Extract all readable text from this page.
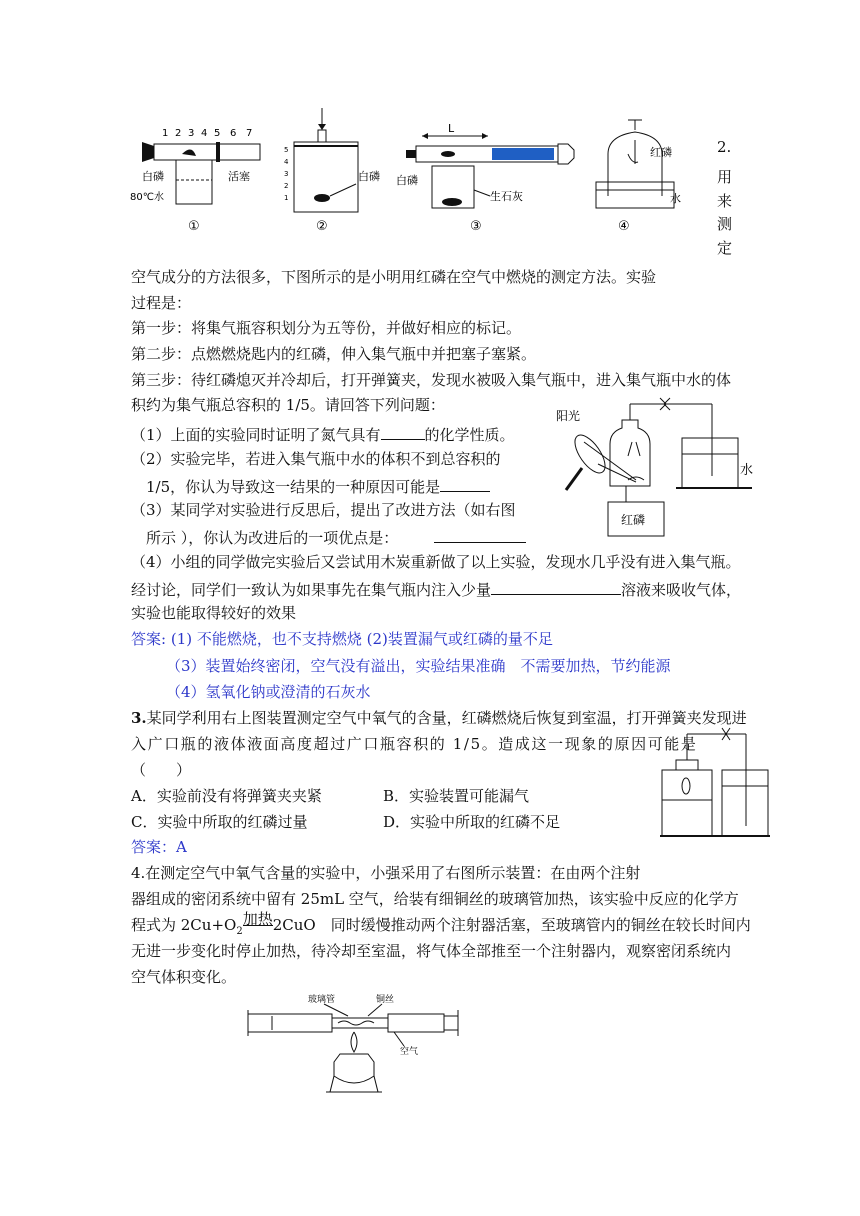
1 2 3 4 5 6 7
白磷
80℃水
活塞
①
5
4
3
2
1
白磷
②
L
白磷
生石灰
③
红磷
水
④
2.
用
来
测
定
空气成分的方法很多，下图所示的是小明用红磷在空气中燃烧的测定方法。实验
过程是：
第一步：将集气瓶容积划分为五等份，并做好相应的标记。
第二步：点燃燃烧匙内的红磷，伸入集气瓶中并把塞子塞紧。
第三步：待红磷熄灭并冷却后，打开弹簧夹，发现水被吸入集气瓶中，进入集气瓶中水的体
积约为集气瓶总容积的 1/5。请回答下列问题：
（1）上面的实验同时证明了氮气具有	的化学性质。
（2）实验完毕，若进入集气瓶中水的体积不到总容积的
1/5，你认为导致这一结果的一种原因可能是
（3）某同学对实验进行反思后，提出了改进方法（如右图
所示 ），你认为改进后的一项优点是：
（4）小组的同学做完实验后又尝试用木炭重新做了以上实验，发现水几乎没有进入集气瓶。
经讨论，同学们一致认为如果事先在集气瓶内注入少量	溶液来吸收气体，
实验也能取得较好的效果
阳光
水
红磷
答案: (1) 不能燃烧，也不支持燃烧 (2)装置漏气或红磷的量不足
（3）装置始终密闭，空气没有溢出，实验结果准确　不需要加热，节约能源
（4）氢氧化钠或澄清的石灰水
3.某同学利用右上图装置测定空气中氧气的含量，红磷燃烧后恢复到室温，打开弹簧夹发现进
入广口瓶的液体液面高度超过广口瓶容积的 1/5。造成这一现象的原因可能是
（　　）
A．实验前没有将弹簧夹夹紧	B．实验装置可能漏气
C．实验中所取的红磷过量	D．实验中所取的红磷不足
答案：A
4.在测定空气中氧气含量的实验中，小强采用了右图所示装置：在由两个注射
器组成的密闭系统中留有 25mL 空气，给装有细铜丝的玻璃管加热，该实验中反应的化学方
程式为 $2Cu+O_2$加热2CuO　同时缓慢推动两个注射器活塞，至玻璃管内的铜丝在较长时间内
无进一步变化时停止加热，待冷却至室温，将气体全部推至一个注射器内，观察密闭系统内
空气体积变化。
玻璃管	铜丝
空气
